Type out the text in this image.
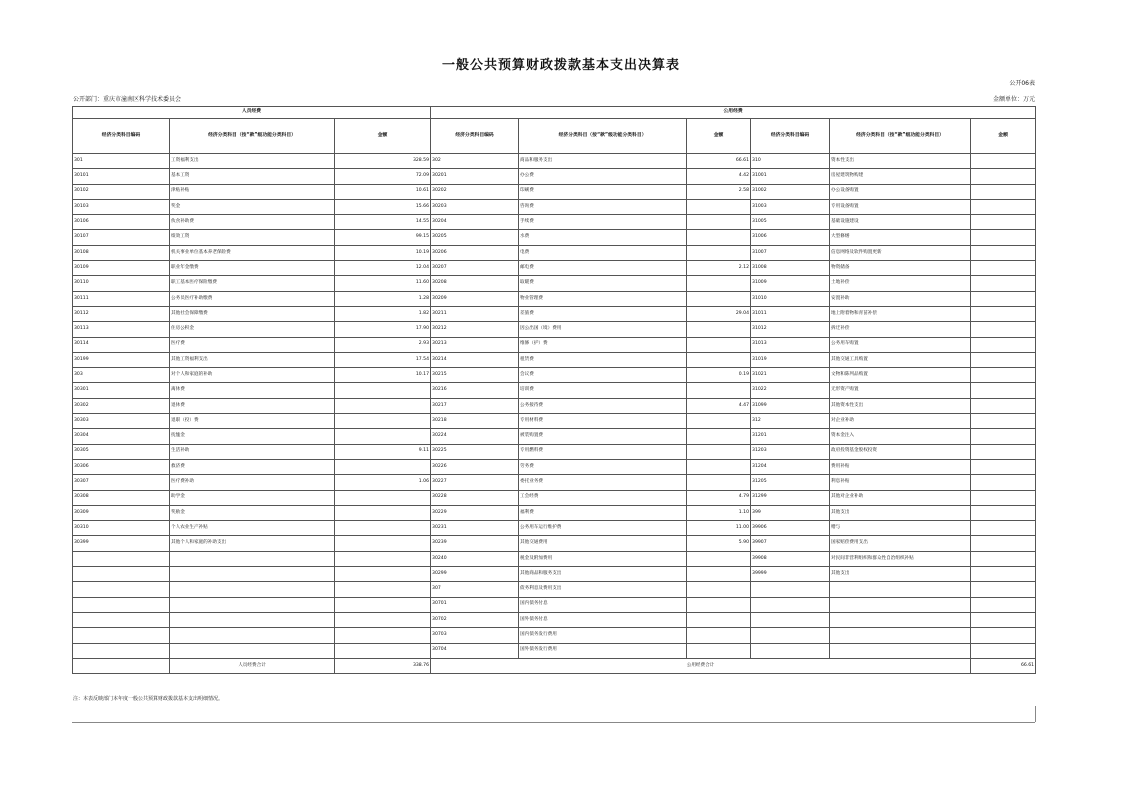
一般公共预算财政拨款基本支出决算表
公开06表
公开部门：重庆市潼南区科学技术委员会	金额单位：万元
人员经费			公用经费					
经济分类科目编码	经济分类科目（按“款”级功能分类科目）	金额	经济分类科目编码	经济分类科目（按“款”级功能分类科目）	金额	经济分类科目编码	经济分类科目（按“款”级功能分类科目）	金额
301	工资福利支出	328.59	302	商品和服务支出	66.61	310	资本性支出	
30101	基本工资	72.09	30201	办公费	4.42	31001	房屋建筑物购建	
30102	津贴补贴	10.61	30202	印刷费	2.58	31002	办公设备购置	
30103	奖金	15.66	30203	咨询费		31003	专用设备购置	
30106	伙食补助费	14.55	30204	手续费		31005	基础设施建设	
30107	绩效工资	99.15	30205	水费		31006	大型修缮	
30108	机关事业单位基本养老保险费	10.19	30206	电费		31007	信息网络及软件购置更新	
30109	职业年金缴费	12.04	30207	邮电费	2.12	31008	物资储备	
30110	职工基本医疗保险缴费	11.60	30208	取暖费		31009	土地补偿	
30111	公务员医疗补助缴费	1.28	30209	物业管理费		31010	安置补助	
30112	其他社会保障缴费	1.82	30211	差旅费	29.04	31011	地上附着物和青苗补偿	
30113	住房公积金	17.90	30212	因公出国（境）费用		31012	拆迁补偿	
30114	医疗费	2.93	30213	维修（护）费		31013	公务用车购置	
30199	其他工资福利支出	17.54	30214	租赁费		31019	其他交通工具购置	
303	对个人和家庭的补助	10.17	30215	会议费	0.19	31021	文物和陈列品购置	
30301	离休费		30216	培训费		31022	无形资产购置	
30302	退休费		30217	公务接待费	4.47	31099	其他资本性支出	
30303	退职（役）费		30218	专用材料费		312	对企业补助	
30304	抚恤金		30224	被装购置费		31201	资本金注入	
30305	生活补助	9.11	30225	专用燃料费		31203	政府投资基金股权投资	
30306	救济费		30226	劳务费		31204	费用补贴	
30307	医疗费补助	1.06	30227	委托业务费		31205	利息补贴	
30308	助学金		30228	工会经费	4.79	31299	其他对企业补助	
30309	奖励金		30229	福利费	1.10	399	其他支出	
30310	个人农业生产补贴		30231	公务用车运行维护费	11.00	39906	赠与	
30399	其他个人和家庭的补助支出		30239	其他交通费用	5.90	39907	国家赔偿费用支出	
			30240	税金及附加费用		39908	对民间非营利组织和群众性自治组织补贴	
			30299	其他商品和服务支出		39999	其他支出	
			307	债务利息及费用支出				
			30701	国内债务付息				
			30702	国外债务付息				
			30703	国内债务发行费用				
			30704	国外债务发行费用				
	人员经费合计	338.76	公用经费合计					66.61
注：本表反映部门本年度一般公共预算财政拨款基本支出明细情况。
